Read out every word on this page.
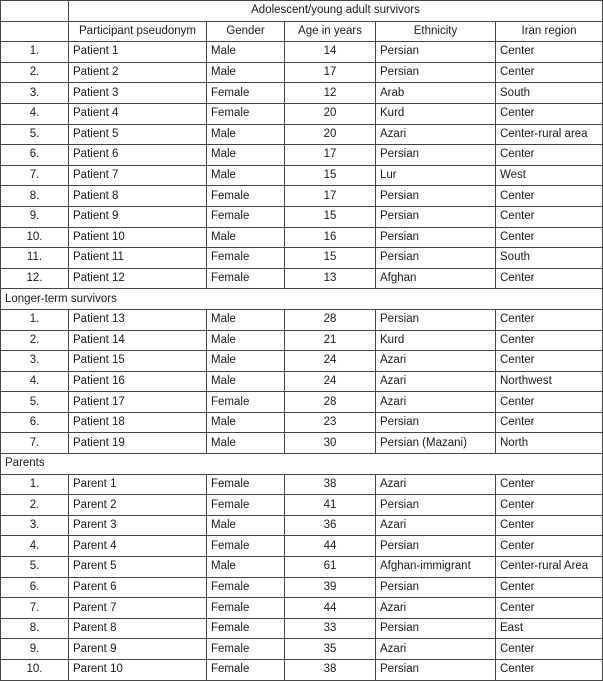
	Adolescent/young adult survivors				
	Participant pseudonym	Gender	Age in years	Ethnicity	Iran region
1.	Patient 1	Male	14	Persian	Center
2.	Patient 2	Male	17	Persian	Center
3.	Patient 3	Female	12	Arab	South
4.	Patient 4	Female	20	Kurd	Center
5.	Patient 5	Male	20	Azari	Center-rural area
6.	Patient 6	Male	17	Persian	Center
7.	Patient 7	Male	15	Lur	West
8.	Patient 8	Female	17	Persian	Center
9.	Patient 9	Female	15	Persian	Center
10.	Patient 10	Male	16	Persian	Center
11.	Patient 11	Female	15	Persian	South
12.	Patient 12	Female	13	Afghan	Center
Longer-term survivors					
1.	Patient 13	Male	28	Persian	Center
2.	Patient 14	Male	21	Kurd	Center
3.	Patient 15	Male	24	Azari	Center
4.	Patient 16	Male	24	Azari	Northwest
5.	Patient 17	Female	28	Azari	Center
6.	Patient 18	Male	23	Persian	Center
7.	Patient 19	Male	30	Persian (Mazani)	North
Parents					
1.	Parent 1	Female	38	Azari	Center
2.	Parent 2	Female	41	Persian	Center
3.	Parent 3	Male	36	Azari	Center
4.	Parent 4	Female	44	Persian	Center
5.	Parent 5	Male	61	Afghan-immigrant	Center-rural Area
6.	Parent 6	Female	39	Persian	Center
7.	Parent 7	Female	44	Azari	Center
8.	Parent 8	Female	33	Persian	East
9.	Parent 9	Female	35	Azari	Center
10.	Parent 10	Female	38	Persian	Center
